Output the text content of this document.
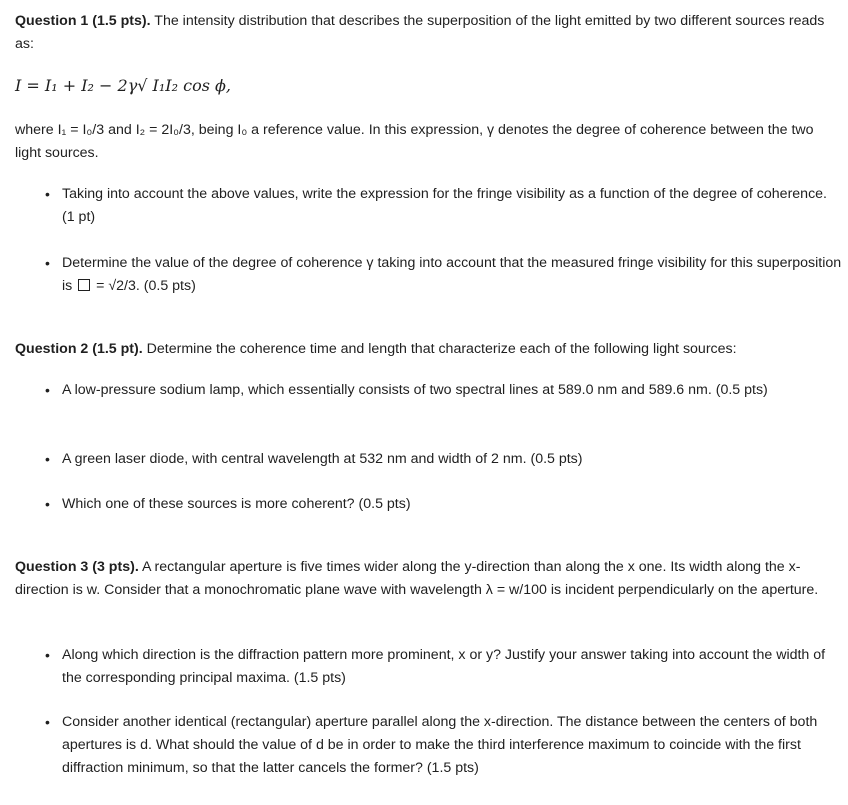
Question 1 (1.5 pts). The intensity distribution that describes the superposition of the light emitted by two different sources reads as:

I = I₁ + I₂ − 2γ√ I₁I₂ cos ϕ,

where I₁ = I₀/3 and I₂ = 2I₀/3, being I₀ a reference value. In this expression, γ denotes the degree of coherence between the two light sources.

• Taking into account the above values, write the expression for the fringe visibility as a function of the degree of coherence. (1 pt)

• Determine the value of the degree of coherence γ taking into account that the measured fringe visibility for this superposition is = √2/3. (0.5 pts)

Question 2 (1.5 pt). Determine the coherence time and length that characterize each of the following light sources:

• A low-pressure sodium lamp, which essentially consists of two spectral lines at 589.0 nm and 589.6 nm. (0.5 pts)

• A green laser diode, with central wavelength at 532 nm and width of 2 nm. (0.5 pts)

• Which one of these sources is more coherent? (0.5 pts)

Question 3 (3 pts). A rectangular aperture is five times wider along the y-direction than along the x one. Its width along the x-direction is w. Consider that a monochromatic plane wave with wavelength λ = w/100 is incident perpendicularly on the aperture.

• Along which direction is the diffraction pattern more prominent, x or y? Justify your answer taking into account the width of the corresponding principal maxima. (1.5 pts)

• Consider another identical (rectangular) aperture parallel along the x-direction. The distance between the centers of both apertures is d. What should the value of d be in order to make the third interference maximum to coincide with the first diffraction minimum, so that the latter cancels the former? (1.5 pts)
